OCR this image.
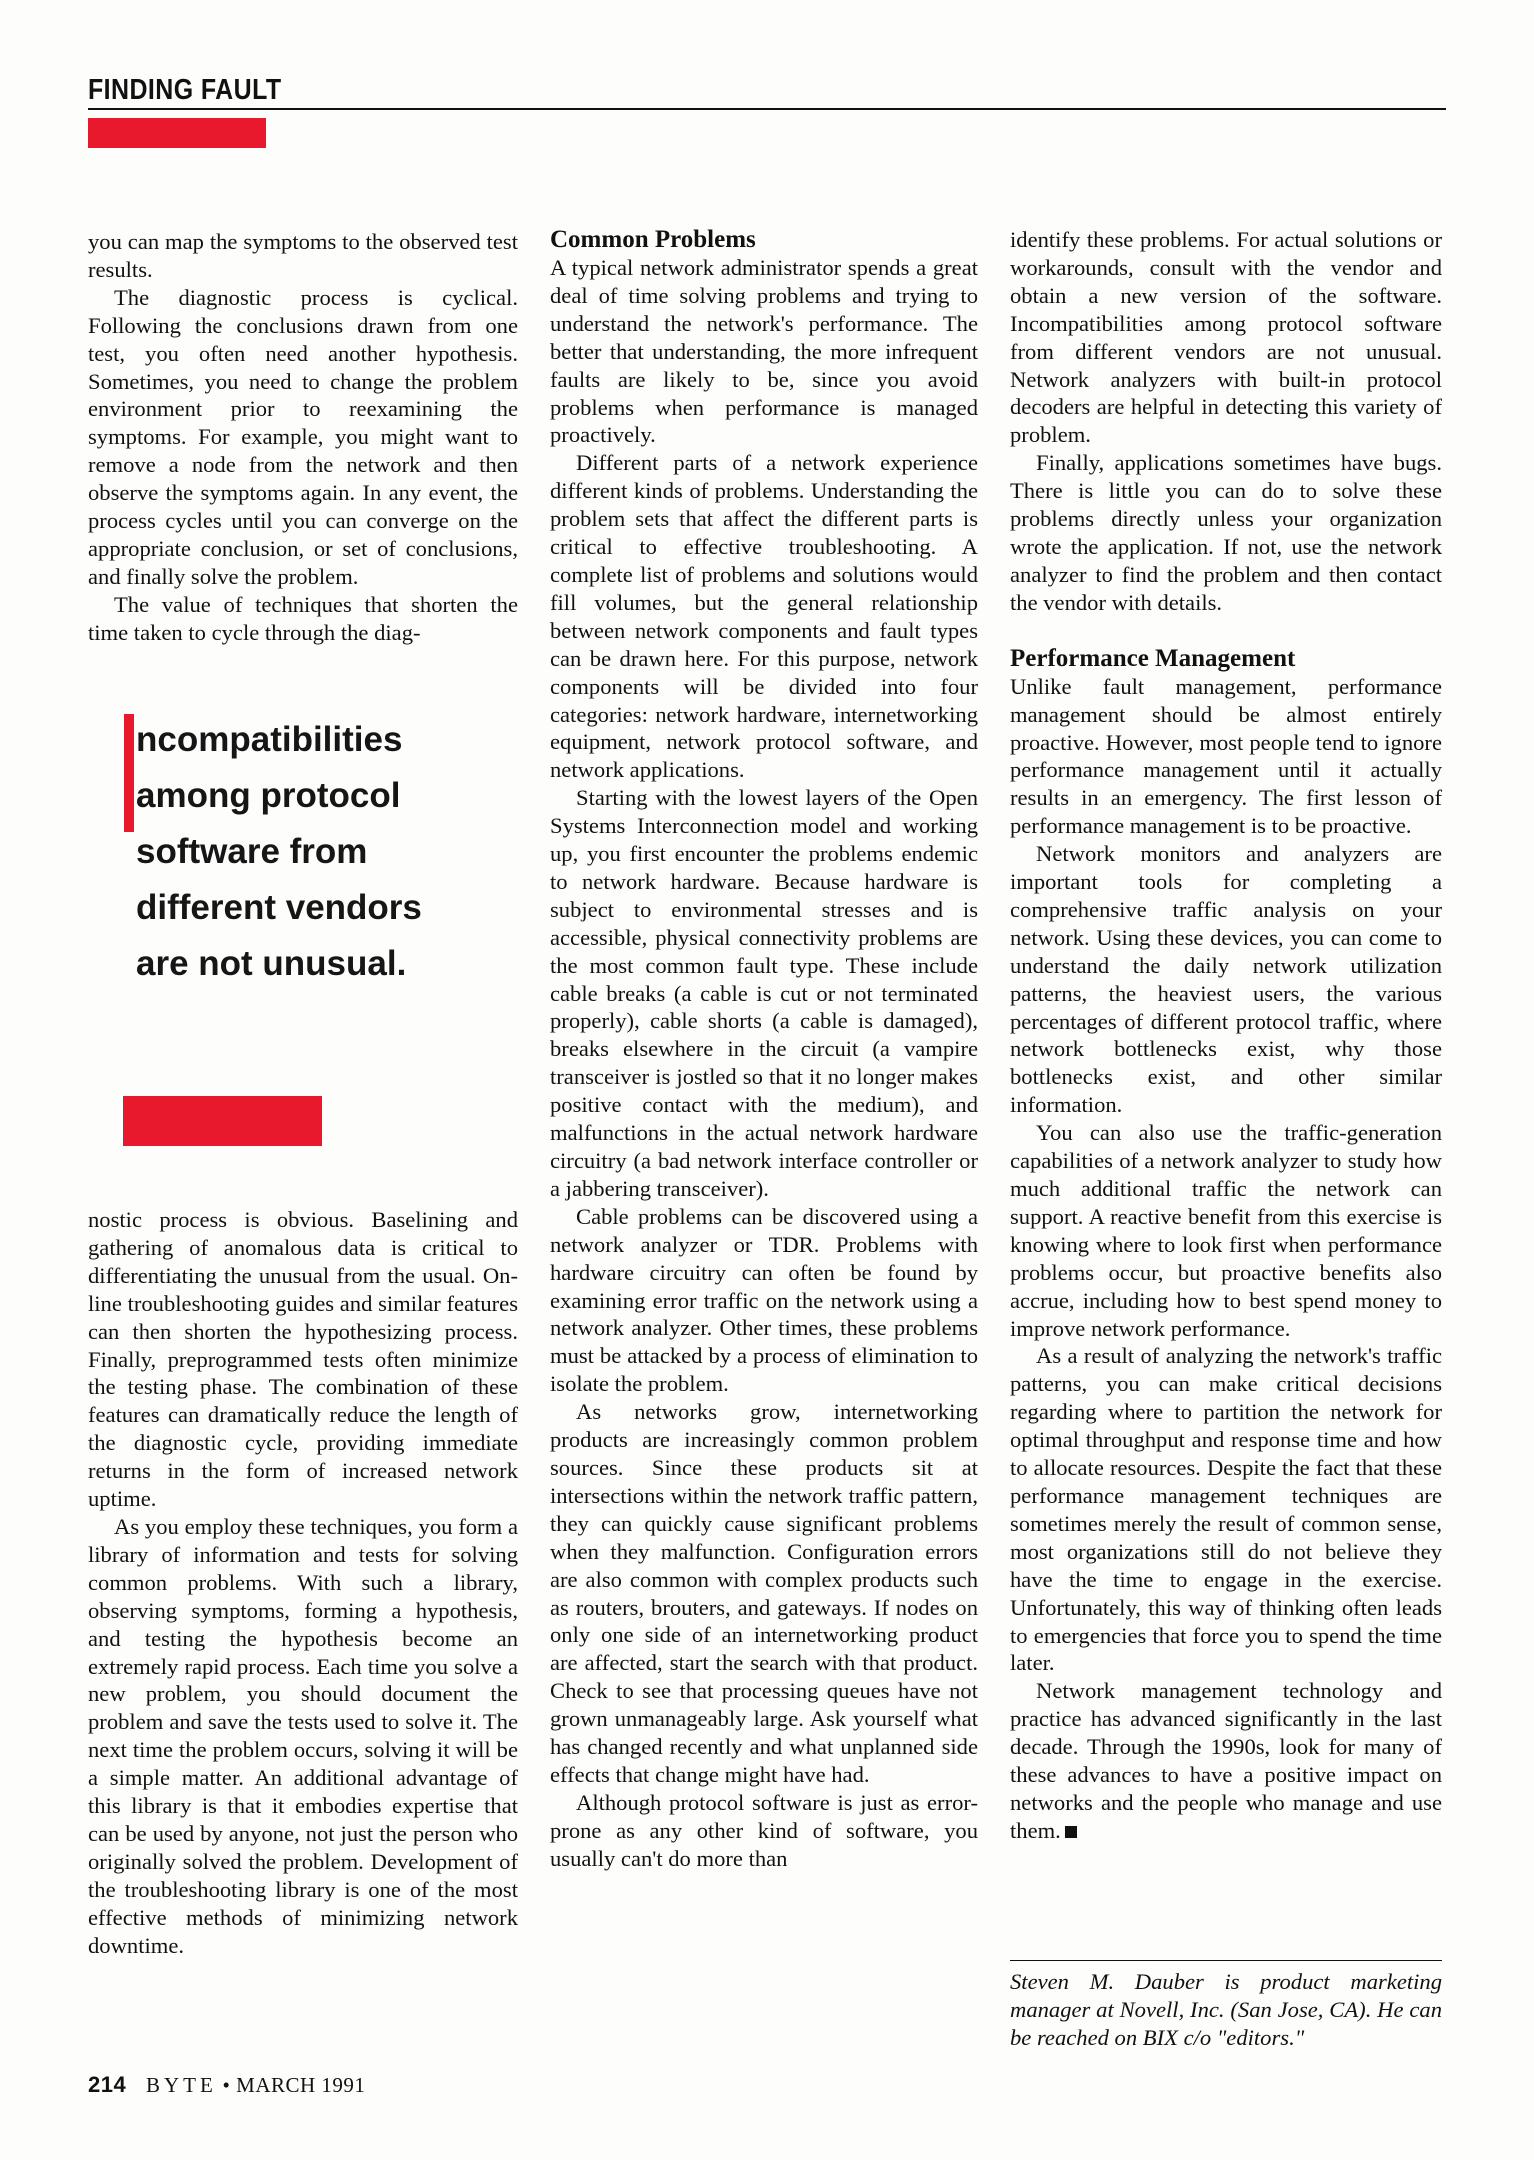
FINDING FAULT

you can map the symptoms to the observed test results.

The diagnostic process is cyclical. Following the conclusions drawn from one test, you often need another hypothesis. Sometimes, you need to change the problem environment prior to reexamining the symptoms. For example, you might want to remove a node from the network and then observe the symptoms again. In any event, the process cycles until you can converge on the appropriate conclusion, or set of conclusions, and finally solve the problem.

The value of techniques that shorten the time taken to cycle through the diag-

ncompatibilities among protocol software from different vendors are not unusual.

nostic process is obvious. Baselining and gathering of anomalous data is critical to differentiating the unusual from the usual. On-line troubleshooting guides and similar features can then shorten the hypothesizing process. Finally, preprogrammed tests often minimize the testing phase. The combination of these features can dramatically reduce the length of the diagnostic cycle, providing immediate returns in the form of increased network uptime.

As you employ these techniques, you form a library of information and tests for solving common problems. With such a library, observing symptoms, forming a hypothesis, and testing the hypothesis become an extremely rapid process. Each time you solve a new problem, you should document the problem and save the tests used to solve it. The next time the problem occurs, solving it will be a simple matter. An additional advantage of this library is that it embodies expertise that can be used by anyone, not just the person who originally solved the problem. Development of the troubleshooting library is one of the most effective methods of minimizing network downtime.

Common Problems

A typical network administrator spends a great deal of time solving problems and trying to understand the network's performance. The better that understanding, the more infrequent faults are likely to be, since you avoid problems when performance is managed proactively.

Different parts of a network experience different kinds of problems. Understanding the problem sets that affect the different parts is critical to effective troubleshooting. A complete list of problems and solutions would fill volumes, but the general relationship between network components and fault types can be drawn here. For this purpose, network components will be divided into four categories: network hardware, internetworking equipment, network protocol software, and network applications.

Starting with the lowest layers of the Open Systems Interconnection model and working up, you first encounter the problems endemic to network hardware. Because hardware is subject to environmental stresses and is accessible, physical connectivity problems are the most common fault type. These include cable breaks (a cable is cut or not terminated properly), cable shorts (a cable is damaged), breaks elsewhere in the circuit (a vampire transceiver is jostled so that it no longer makes positive contact with the medium), and malfunctions in the actual network hardware circuitry (a bad network interface controller or a jabbering transceiver).

Cable problems can be discovered using a network analyzer or TDR. Problems with hardware circuitry can often be found by examining error traffic on the network using a network analyzer. Other times, these problems must be attacked by a process of elimination to isolate the problem.

As networks grow, internetworking products are increasingly common problem sources. Since these products sit at intersections within the network traffic pattern, they can quickly cause significant problems when they malfunction. Configuration errors are also common with complex products such as routers, brouters, and gateways. If nodes on only one side of an internetworking product are affected, start the search with that product. Check to see that processing queues have not grown unmanageably large. Ask yourself what has changed recently and what unplanned side effects that change might have had.

Although protocol software is just as error-prone as any other kind of software, you usually can't do more than

identify these problems. For actual solutions or workarounds, consult with the vendor and obtain a new version of the software. Incompatibilities among protocol software from different vendors are not unusual. Network analyzers with built-in protocol decoders are helpful in detecting this variety of problem.

Finally, applications sometimes have bugs. There is little you can do to solve these problems directly unless your organization wrote the application. If not, use the network analyzer to find the problem and then contact the vendor with details.

Performance Management

Unlike fault management, performance management should be almost entirely proactive. However, most people tend to ignore performance management until it actually results in an emergency. The first lesson of performance management is to be proactive.

Network monitors and analyzers are important tools for completing a comprehensive traffic analysis on your network. Using these devices, you can come to understand the daily network utilization patterns, the heaviest users, the various percentages of different protocol traffic, where network bottlenecks exist, why those bottlenecks exist, and other similar information.

You can also use the traffic-generation capabilities of a network analyzer to study how much additional traffic the network can support. A reactive benefit from this exercise is knowing where to look first when performance problems occur, but proactive benefits also accrue, including how to best spend money to improve network performance.

As a result of analyzing the network's traffic patterns, you can make critical decisions regarding where to partition the network for optimal throughput and response time and how to allocate resources. Despite the fact that these performance management techniques are sometimes merely the result of common sense, most organizations still do not believe they have the time to engage in the exercise. Unfortunately, this way of thinking often leads to emergencies that force you to spend the time later.

Network management technology and practice has advanced significantly in the last decade. Through the 1990s, look for many of these advances to have a positive impact on networks and the people who manage and use them.

Steven M. Dauber is product marketing manager at Novell, Inc. (San Jose, CA). He can be reached on BIX c/o "editors."
214 BYTE • MARCH 1991
